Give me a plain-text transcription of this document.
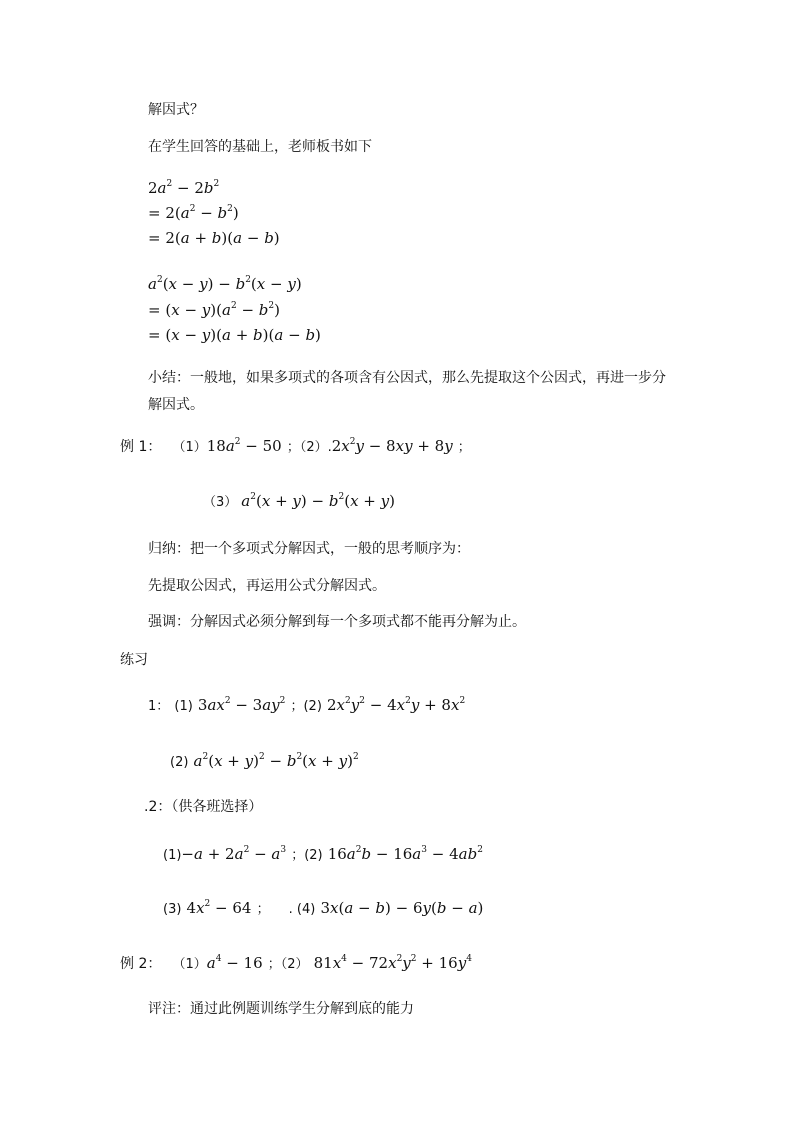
解因式？
在学生回答的基础上，老师板书如下
$2a^2 - 2b^2$
= $2(a^2 - b^2)$
= 2(a + b)(a − b)
$a^2(x - y) - b^2(x - y)$
= $(x - y)(a^2 - b^2)$
= (x − y)(a + b)(a − b)
小结：一般地，如果多项式的各项含有公因式，那么先提取这个公因式，再进一步分
解因式。
例 1： $(1)18a^2 - 50$ ；$(2).2x^2y - 8xy + 8y$ ；
（3） $a^2(x + y) - b^2(x + y)$
归纳：把一个多项式分解因式，一般的思考顺序为：
先提取公因式，再运用公式分解因式。
强调：分解因式必须分解到每一个多项式都不能再分解为止。
练习
1： (1) $3ax^2 - 3ay^2$ ；(2) $2x^2y^2 - 4x^2y + 8x^2$
(2) $a^2(x + y)^2 - b^2(x + y)^2$
.2：（供各班选择）
$(1)-a + 2a^2 - a^3$ ；(2) $16a^2b - 16a^3 - 4ab^2$
(3) $4x^2 - 64$ ； . (4) 3x(a − b) − 6y(b − a)
例 2： $(1)a^4 - 16$ ；（2） $81x^4 - 72x^2y^2 + 16y^4$
评注：通过此例题训练学生分解到底的能力
